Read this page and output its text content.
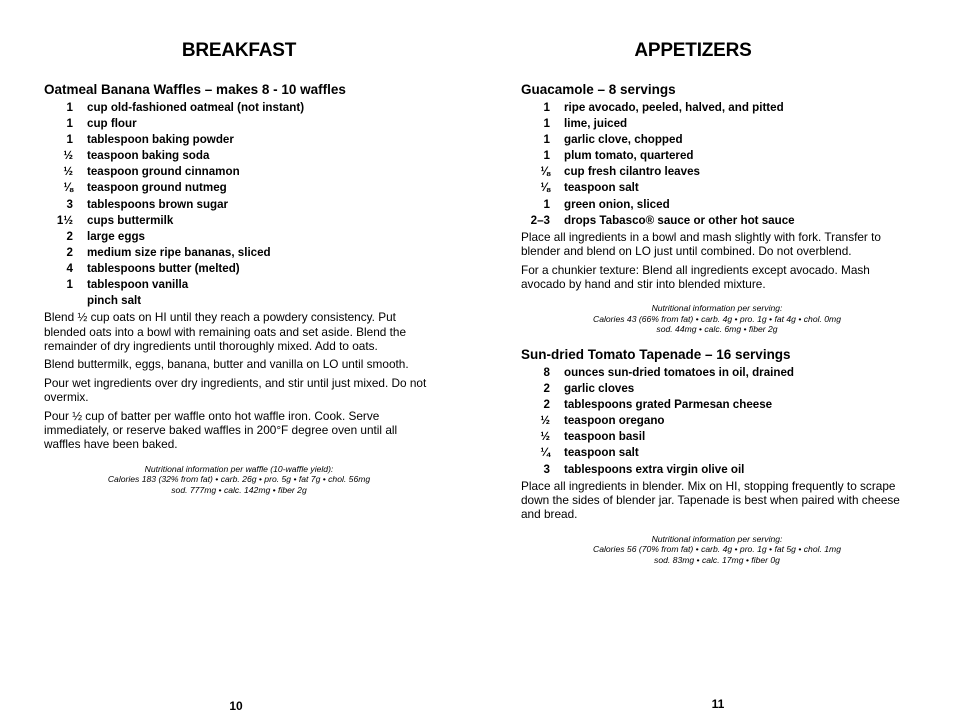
BREAKFAST
Oatmeal Banana Waffles – makes 8 - 10 waffles
1	cup old-fashioned oatmeal (not instant)
1	cup flour
1	tablespoon baking powder
½	teaspoon baking soda
½	teaspoon ground cinnamon
⅛	teaspoon ground nutmeg
3	tablespoons brown sugar
1½	cups buttermilk
2	large eggs
2	medium size ripe bananas, sliced
4	tablespoons butter (melted)
1	tablespoon vanilla
pinch salt

Blend ½ cup oats on HI until they reach a powdery consistency. Put blended oats into a bowl with remaining oats and set aside. Blend the remainder of dry ingredients until thoroughly mixed. Add to oats.

Blend buttermilk, eggs, banana, butter and vanilla on LO until smooth.

Pour wet ingredients over dry ingredients, and stir until just mixed. Do not overmix.

Pour ½ cup of batter per waffle onto hot waffle iron. Cook. Serve immediately, or reserve baked waffles in 200°F degree oven until all waffles have been baked.

Nutritional information per waffle (10-waffle yield):
Calories 183 (32% from fat) • carb. 26g • pro. 5g • fat 7g • chol. 56mg
sod. 777mg • calc. 142mg • fiber 2g
10
APPETIZERS
Guacamole – 8 servings
1	ripe avocado, peeled, halved, and pitted
1	lime, juiced
1	garlic clove, chopped
1	plum tomato, quartered
⅛	cup fresh cilantro leaves
⅛	teaspoon salt
1	green onion, sliced
2–3	drops Tabasco® sauce or other hot sauce

Place all ingredients in a bowl and mash slightly with fork. Transfer to blender and blend on LO just until combined. Do not overblend.

For a chunkier texture: Blend all ingredients except avocado. Mash avocado by hand and stir into blended mixture.

Nutritional information per serving:
Calories 43 (66% from fat) • carb. 4g • pro. 1g • fat 4g • chol. 0mg
sod. 44mg • calc. 6mg • fiber 2g
Sun-dried Tomato Tapenade – 16 servings
8	ounces sun-dried tomatoes in oil, drained
2	garlic cloves
2	tablespoons grated Parmesan cheese
½	teaspoon oregano
½	teaspoon basil
¼	teaspoon salt
3	tablespoons extra virgin olive oil

Place all ingredients in blender. Mix on HI, stopping frequently to scrape down the sides of blender jar. Tapenade is best when paired with cheese and bread.

Nutritional information per serving:
Calories 56 (70% from fat) • carb. 4g • pro. 1g • fat 5g • chol. 1mg
sod. 83mg • calc. 17mg • fiber 0g
11
